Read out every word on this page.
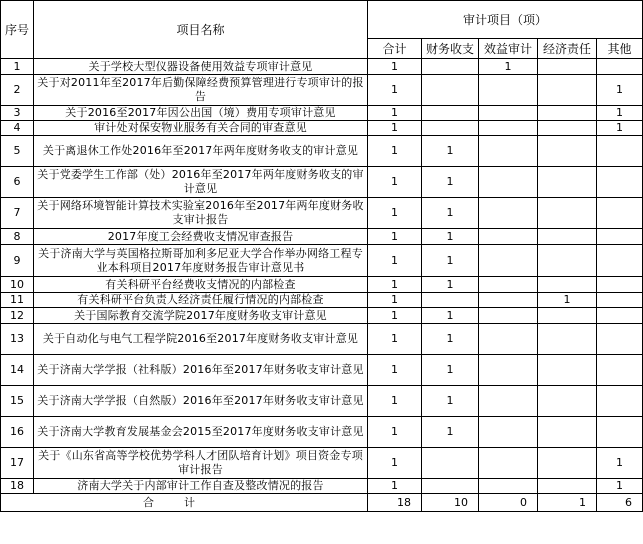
序号	项目名称	审计项目（项）				
		合计	财务收支	效益审计	经济责任	其他
1	关于学校大型仪器设备使用效益专项审计意见	1		1		
2	关于对2011年至2017年后勤保障经费预算管理进行专项审计的报告	1				1
3	关于2016至2017年因公出国（境）费用专项审计意见	1				1
4	审计处对保安物业服务有关合同的审查意见	1				1
5	关于离退休工作处2016年至2017年两年度财务收支的审计意见	1	1			
6	关于党委学生工作部（处）2016年至2017年两年度财务收支的审计意见	1	1			
7	关于网络环境智能计算技术实验室2016年至2017年两年度财务收支审计报告	1	1			
8	2017年度工会经费收支情况审查报告	1	1			
9	关于济南大学与英国格拉斯哥加利多尼亚大学合作举办网络工程专业本科项目2017年度财务报告审计意见书	1	1			
10	有关科研平台经费收支情况的内部检查	1	1			
11	有关科研平台负责人经济责任履行情况的内部检查	1			1	
12	关于国际教育交流学院2017年度财务收支审计意见	1	1			
13	关于自动化与电气工程学院2016至2017年度财务收支审计意见	1	1			
14	关于济南大学学报（社科版）2016年至2017年财务收支审计意见	1	1			
15	关于济南大学学报（自然版）2016年至2017年财务收支审计意见	1	1			
16	关于济南大学教育发展基金会2015至2017年度财务收支审计意见	1	1			
17	关于《山东省高等学校优势学科人才团队培育计划》项目资金专项审计报告	1				1
18	济南大学关于内部审计工作自查及整改情况的报告	1				1
合计		18	10	0	1	6
